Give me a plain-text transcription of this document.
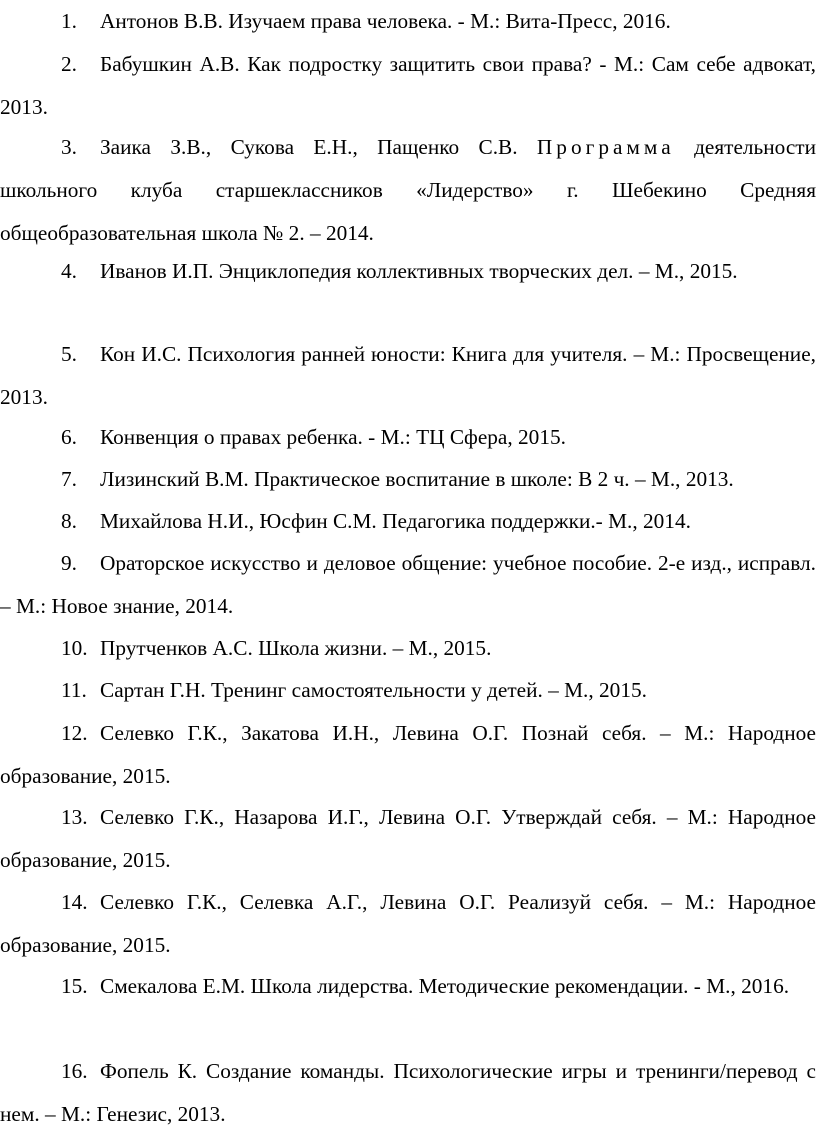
1. Антонов В.В. Изучаем права человека. - М.: Вита-Пресс, 2016.
2. Бабушкин А.В. Как подростку защитить свои права? - М.: Сам себе адвокат, 2013.
3. Заика З.В., Сукова Е.Н., Пащенко С.В. Программа деятельности школьного клуба старшеклассников «Лидерство» г. Шебекино Средняя общеобразовательная школа № 2. – 2014.
4. Иванов И.П. Энциклопедия коллективных творческих дел. – М., 2015.
5. Кон И.С. Психология ранней юности: Книга для учителя. – М.: Просвещение, 2013.
6. Конвенция о правах ребенка. - М.: ТЦ Сфера, 2015.
7. Лизинский В.М. Практическое воспитание в школе: В 2 ч. – М., 2013.
8. Михайлова Н.И., Юсфин С.М. Педагогика поддержки.- М., 2014.
9. Ораторское искусство и деловое общение: учебное пособие. 2-е изд., исправл. – М.: Новое знание, 2014.
10. Прутченков А.С. Школа жизни. – М., 2015.
11. Сартан Г.Н. Тренинг самостоятельности у детей. – М., 2015.
12. Селевко Г.К., Закатова И.Н., Левина О.Г. Познай себя. – М.: Народное образование, 2015.
13. Селевко Г.К., Назарова И.Г., Левина О.Г. Утверждай себя. – М.: Народное образование, 2015.
14. Селевко Г.К., Селевка А.Г., Левина О.Г. Реализуй себя. – М.: Народное образование, 2015.
15. Смекалова Е.М. Школа лидерства. Методические рекомендации. - М., 2016.
16. Фопель К. Создание команды. Психологические игры и тренинги/перевод с нем. – М.: Генезис, 2013.
